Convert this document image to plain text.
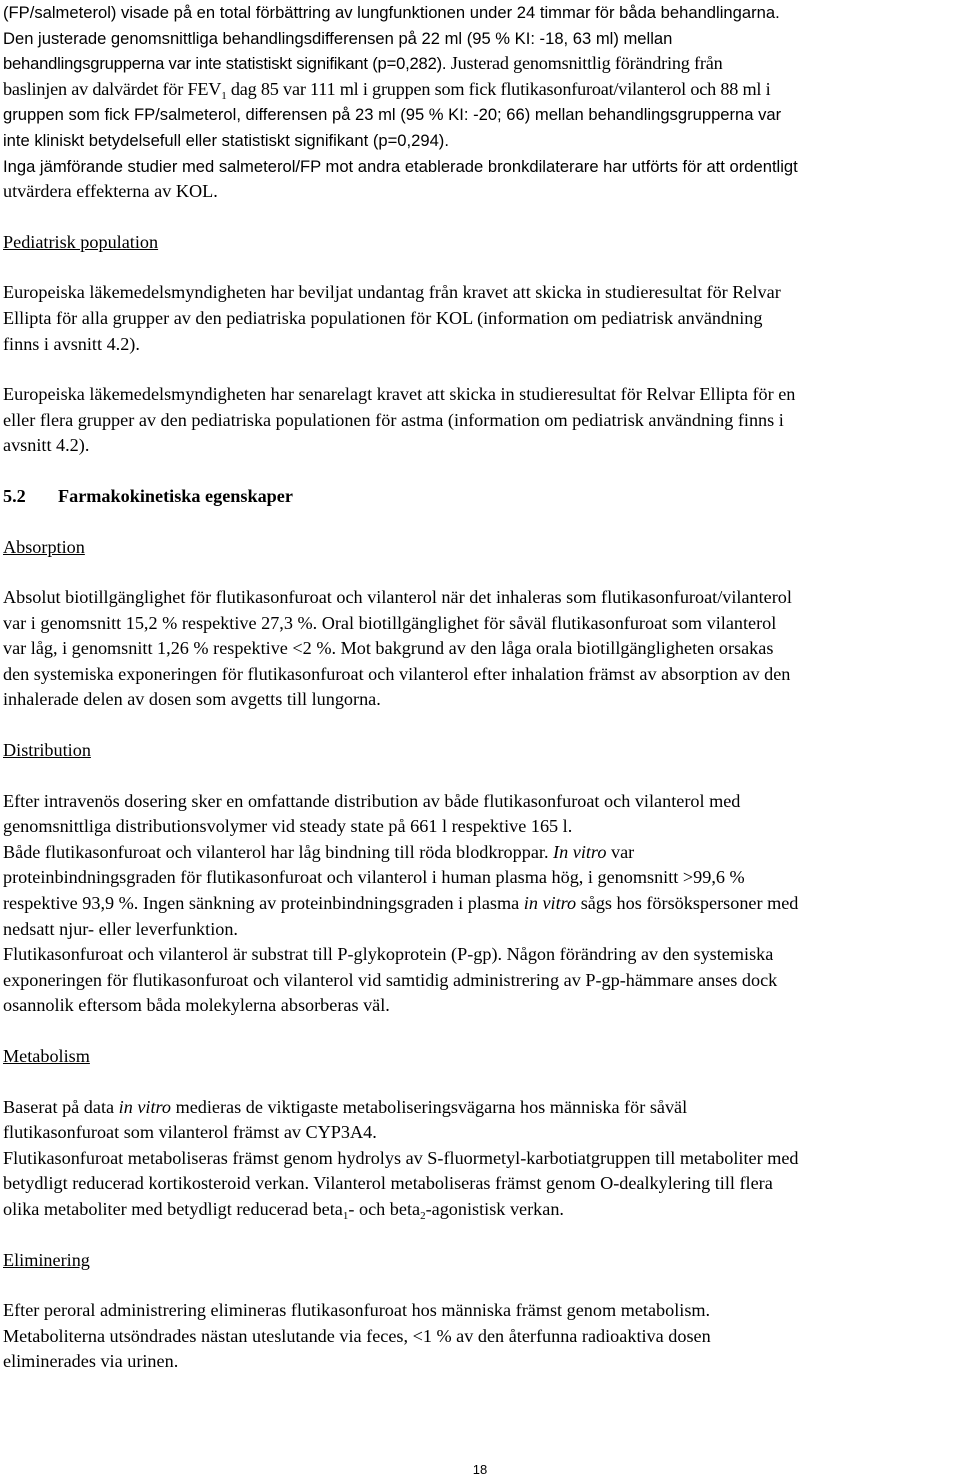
(FP/salmeterol) visade på en total förbättring av lungfunktionen under 24 timmar för båda behandlingarna.

Den justerade genomsnittliga behandlingsdifferensen på 22 ml (95 % KI: -18, 63 ml) mellan

behandlingsgrupperna var inte statistiskt signifikant (p=0,282). Justerad genomsnittlig förändring från

baslinjen av dalvärdet för $FEV_1$ dag 85 var 111 ml i gruppen som fick flutikasonfuroat/vilanterol och 88 ml i

gruppen som fick FP/salmeterol, differensen på 23 ml (95 % KI: -20; 66) mellan behandlingsgrupperna var

inte kliniskt betydelsefull eller statistiskt signifikant (p=0,294).

Inga jämförande studier med salmeterol/FP mot andra etablerade bronkdilaterare har utförts för att ordentligt

utvärdera effekterna av KOL.

Pediatrisk population

Europeiska läkemedelsmyndigheten har beviljat undantag från kravet att skicka in studieresultat för Relvar

Ellipta för alla grupper av den pediatriska populationen för KOL (information om pediatrisk användning

finns i avsnitt 4.2).

Europeiska läkemedelsmyndigheten har senarelagt kravet att skicka in studieresultat för Relvar Ellipta för en

eller flera grupper av den pediatriska populationen för astma (information om pediatrisk användning finns i

avsnitt 4.2).

5.2 Farmakokinetiska egenskaper

Absorption

Absolut biotillgänglighet för flutikasonfuroat och vilanterol när det inhaleras som flutikasonfuroat/vilanterol

var i genomsnitt 15,2 % respektive 27,3 %. Oral biotillgänglighet för såväl flutikasonfuroat som vilanterol

var låg, i genomsnitt 1,26 % respektive <2 %. Mot bakgrund av den låga orala biotillgängligheten orsakas

den systemiska exponeringen för flutikasonfuroat och vilanterol efter inhalation främst av absorption av den

inhalerade delen av dosen som avgetts till lungorna.

Distribution

Efter intravenös dosering sker en omfattande distribution av både flutikasonfuroat och vilanterol med

genomsnittliga distributionsvolymer vid steady state på 661 l respektive 165 l.

Både flutikasonfuroat och vilanterol har låg bindning till röda blodkroppar. In vitro var

proteinbindningsgraden för flutikasonfuroat och vilanterol i human plasma hög, i genomsnitt >99,6 %

respektive 93,9 %. Ingen sänkning av proteinbindningsgraden i plasma in vitro sågs hos försökspersoner med

nedsatt njur- eller leverfunktion.

Flutikasonfuroat och vilanterol är substrat till P-glykoprotein (P-gp). Någon förändring av den systemiska

exponeringen för flutikasonfuroat och vilanterol vid samtidig administrering av P-gp-hämmare anses dock

osannolik eftersom båda molekylerna absorberas väl.

Metabolism

Baserat på data in vitro medieras de viktigaste metaboliseringsvägarna hos människa för såväl

flutikasonfuroat som vilanterol främst av CYP3A4.

Flutikasonfuroat metaboliseras främst genom hydrolys av S-fluormetyl-karbotiatgruppen till metaboliter med

betydligt reducerad kortikosteroid verkan. Vilanterol metaboliseras främst genom O-dealkylering till flera

olika metaboliter med betydligt reducerad beta$_1$- och beta$_2$-agonistisk verkan.

Eliminering

Efter peroral administrering elimineras flutikasonfuroat hos människa främst genom metabolism.

Metaboliterna utsöndrades nästan uteslutande via feces, <1 % av den återfunna radioaktiva dosen

eliminerades via urinen.

18
